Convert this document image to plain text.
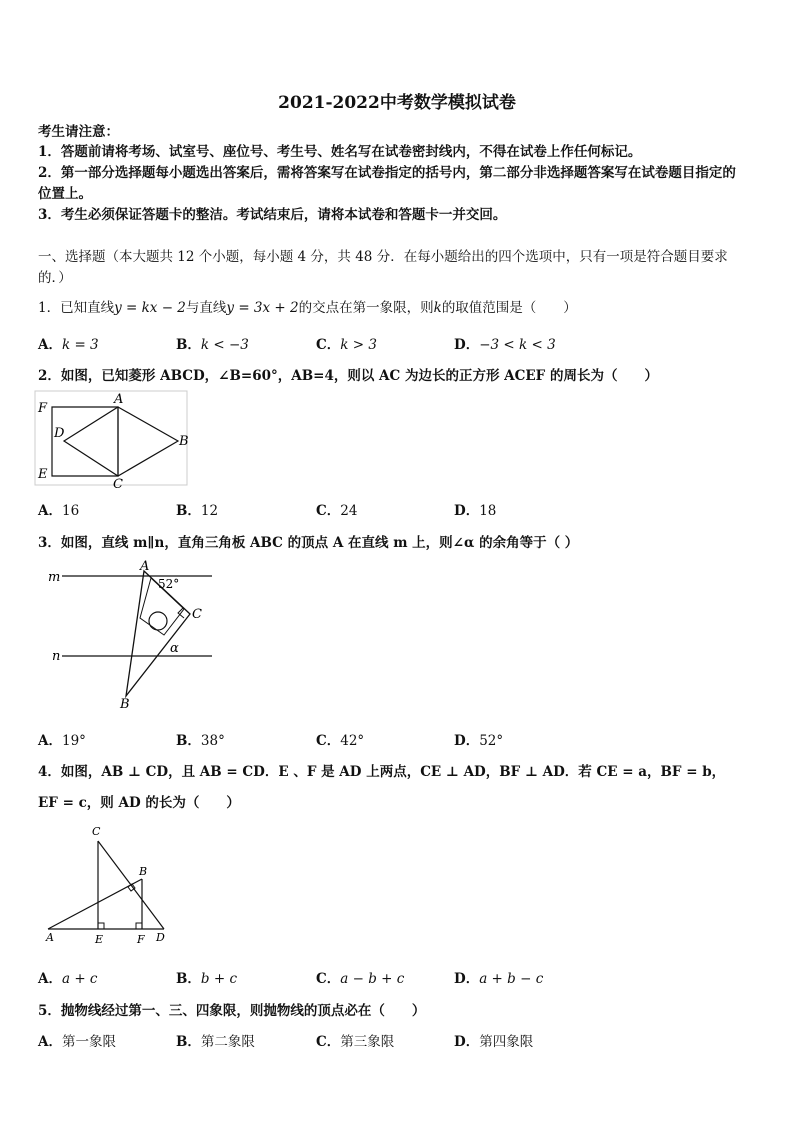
2021-2022中考数学模拟试卷
考生请注意：
1．答题前请将考场、试室号、座位号、考生号、姓名写在试卷密封线内，不得在试卷上作任何标记。
2．第一部分选择题每小题选出答案后，需将答案写在试卷指定的括号内，第二部分非选择题答案写在试卷题目指定的
位置上。
3．考生必须保证答题卡的整洁。考试结束后，请将本试卷和答题卡一并交回。
一、选择题（本大题共 12 个小题，每小题 4 分，共 48 分．在每小题给出的四个选项中，只有一项是符合题目要求
的．）
1．已知直线y = kx − 2与直线y = 3x + 2的交点在第一象限，则k的取值范围是（　　）
A．k = 3	B．k < −3	C．k > 3	D．−3 < k < 3
2．如图，已知菱形 ABCD，∠B=60°，AB=4，则以 AC 为边长的正方形 ACEF 的周长为（　　）
F
A
D
B
E
C
A．16	B．12	C．24	D．18
3．如图，直线 m∥n，直角三角板 ABC 的顶点 A 在直线 m 上，则∠α 的余角等于（ ）
m
n
A
52°
C
α
B
A．19°	B．38°	C．42°	D．52°
4．如图，AB ⊥ CD，且 AB = CD．E 、F 是 AD 上两点，CE ⊥ AD，BF ⊥ AD．若 CE = a，BF = b，
EF = c，则 AD 的长为（　　）
C
B
A	E	F D
A．a + c	B．b + c	C．a − b + c	D．a + b − c
5．抛物线经过第一、三、四象限，则抛物线的顶点必在（　　）
A．第一象限	B．第二象限	C．第三象限	D．第四象限
